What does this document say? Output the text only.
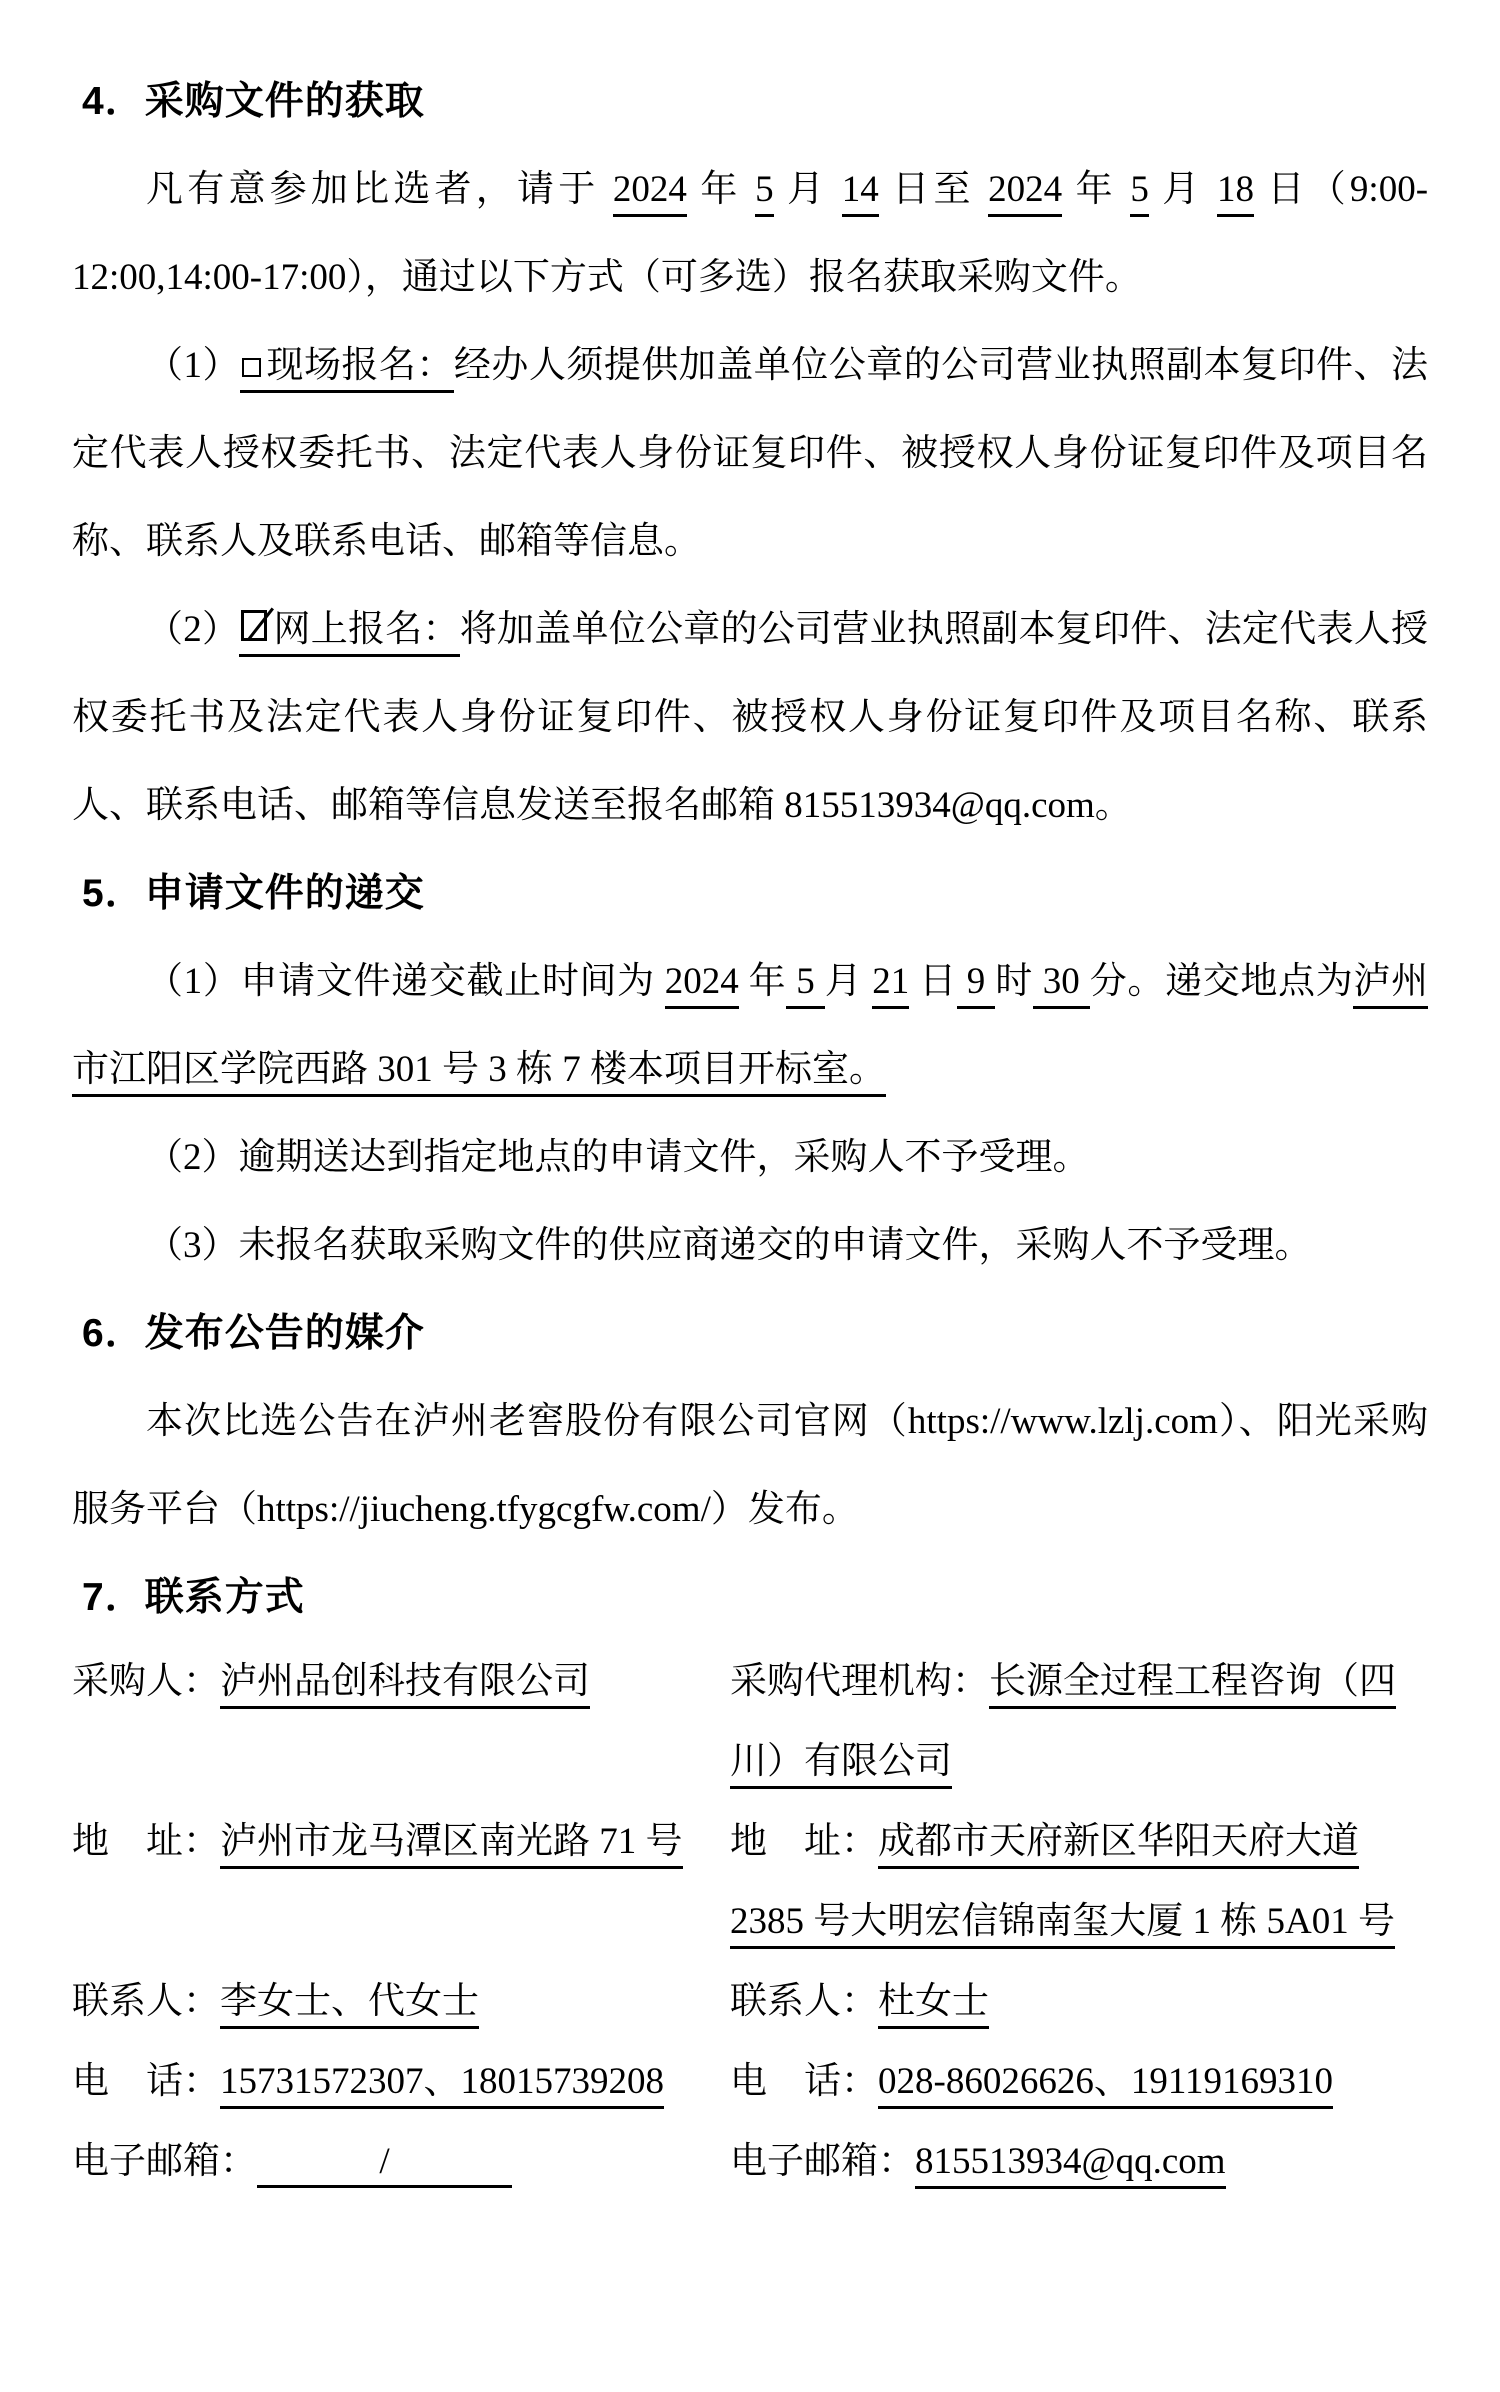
4．采购文件的获取

凡有意参加比选者，请于 2024 年 5 月 14 日至 2024 年 5 月 18 日（9:00-12:00,14:00-17:00），通过以下方式（可多选）报名获取采购文件。

（1） 现场报名：经办人须提供加盖单位公章的公司营业执照副本复印件、法定代表人授权委托书、法定代表人身份证复印件、被授权人身份证复印件及项目名称、联系人及联系电话、邮箱等信息。

（2） 网上报名：将加盖单位公章的公司营业执照副本复印件、法定代表人授权委托书及法定代表人身份证复印件、被授权人身份证复印件及项目名称、联系人、联系电话、邮箱等信息发送至报名邮箱 815513934@qq.com。

5．申请文件的递交

（1）申请文件递交截止时间为 2024 年 5 月 21 日 9 时 30 分。递交地点为泸州市江阳区学院西路 301 号 3 栋 7 楼本项目开标室。

（2）逾期送达到指定地点的申请文件，采购人不予受理。

（3）未报名获取采购文件的供应商递交的申请文件，采购人不予受理。

6．发布公告的媒介

本次比选公告在泸州老窖股份有限公司官网（https://www.lzlj.com）、阳光采购服务平台（https://jiucheng.tfygcgfw.com/）发布。

7．联系方式
采购人：泸州品创科技有限公司	采购代理机构：长源全过程工程咨询（四川）有限公司
地　址：泸州市龙马潭区南光路 71 号 地　址：成都市天府新区华阳天府大道 2385 号大明宏信锦南玺大厦 1 栋 5A01 号
联系人：李女士、代女士	联系人：杜女士
电　话：15731572307、18015739208	电　话：028-86026626、19119169310
电子邮箱：	/	电子邮箱：815513934@qq.com
